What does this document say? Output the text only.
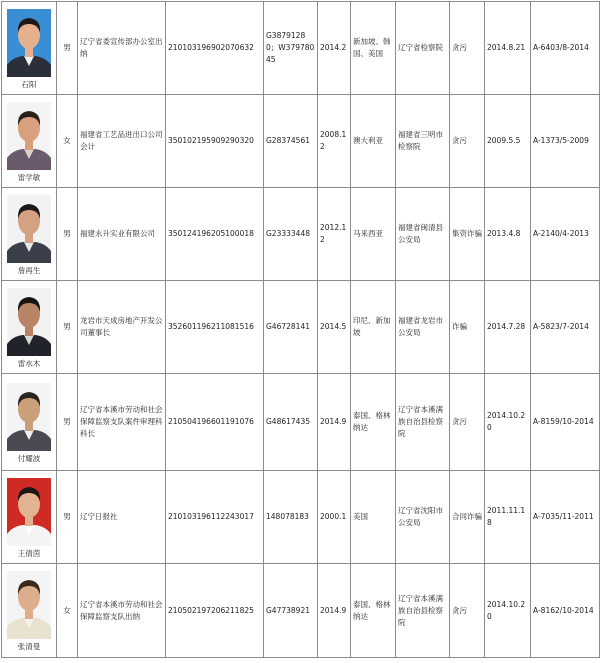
石阳	男	辽宁省委宣传部办公室出纳	210103196902070632	G38791280；W37978045	2014.2	新加坡、韩国、美国	辽宁省检察院	贪污	2014.8.21	A-6403/8-2014

雷学敏	女	福建省工艺品进出口公司会计	350102195909290320	G28374561	2008.12	澳大利亚	福建省三明市检察院	贪污	2009.5.5	A-1373/5-2009

詹再生	男	福建永升实业有限公司	350124196205100018	G23333448	2012.12	马来西亚	福建省闽清县公安局	集资诈骗	2013.4.8	A-2140/4-2013

雷水木	男	龙岩市天成房地产开发公司董事长	352601196211081516	G46728141	2014.5	印尼、新加坡	福建省龙岩市公安局	诈骗	2014.7.28	A-5823/7-2014

付耀波	男	辽宁省本溪市劳动和社会保障监察支队案件审理科科长	210504196601191076	G48617435	2014.9	泰国、格林纳达	辽宁省本溪满族自治县检察院	贪污	2014.10.20	A-8159/10-2014

王倩茵	男	辽宁日报社	210103196112243017	148078183	2000.1	美国	辽宁省沈阳市公安局	合同诈骗	2011.11.18	A-7035/11-2011

张清曼	女	辽宁省本溪市劳动和社会保障监察支队出纳	210502197206211825	G47738921	2014.9	泰国、格林纳达	辽宁省本溪满族自治县检察院	贪污	2014.10.20	A-8162/10-2014
